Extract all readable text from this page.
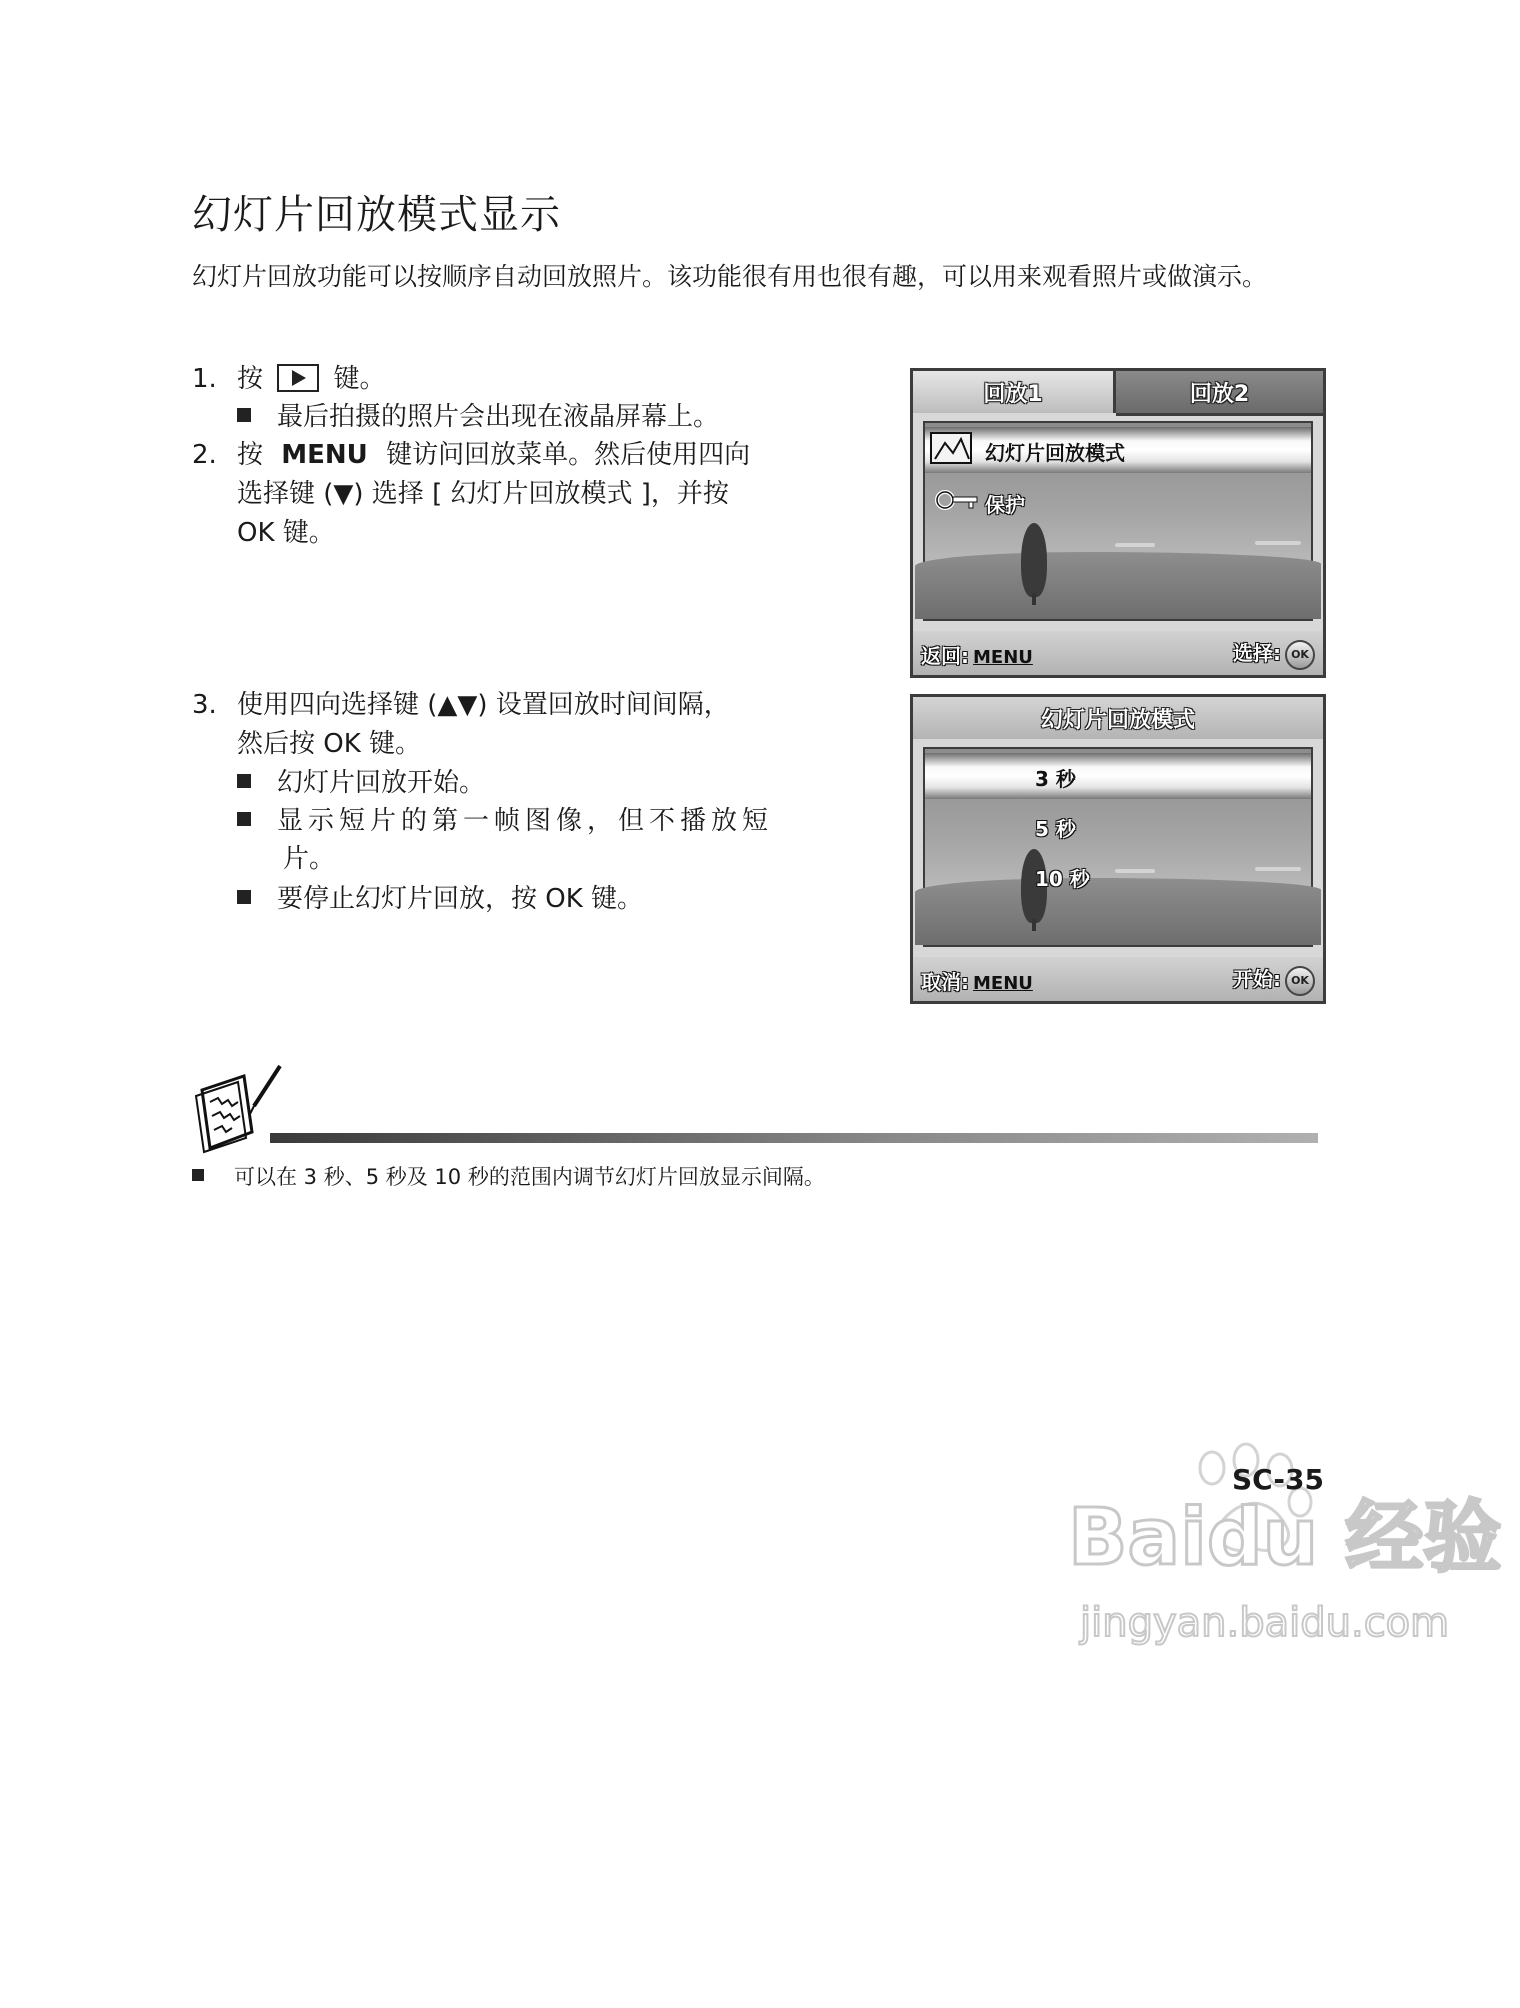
幻灯片回放模式显示
幻灯片回放功能可以按顺序自动回放照片。该功能很有用也很有趣，可以用来观看照片或做演示。
1. 按	键。
最后拍摄的照片会出现在液晶屏幕上。
2. 按 MENU 键访问回放菜单。然后使用四向
选择键 (▼) 选择 [ 幻灯片回放模式 ]，并按
OK 键。
3. 使用四向选择键 (▲▼) 设置回放时间间隔，
然后按 OK 键。
幻灯片回放开始。
显示短片的第一帧图像，但不播放短
片。
要停止幻灯片回放，按 OK 键。
回放1	回放2
幻灯片回放模式
保护
返回: MENU	选择: OK
幻灯片回放模式
3 秒
5 秒
10 秒
取消: MENU	开始: OK
可以在 3 秒、5 秒及 10 秒的范围内调节幻灯片回放显示间隔。
Baidu 经验
jingyan.baidu.com
SC-35
